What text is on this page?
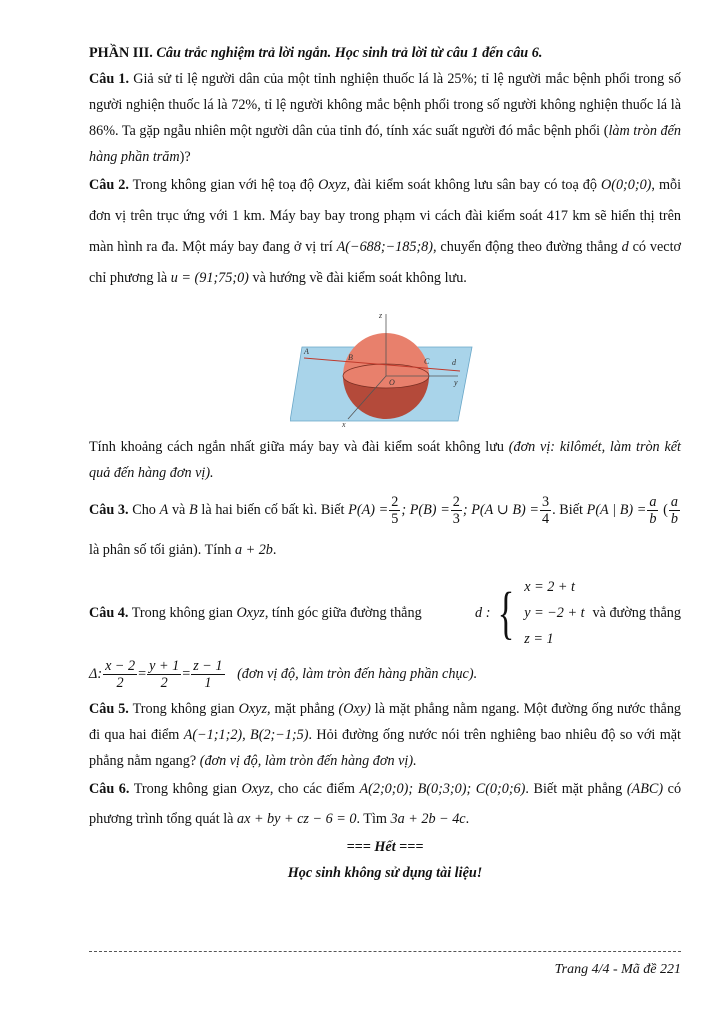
PHẦN III. Câu trắc nghiệm trả lời ngắn. Học sinh trả lời từ câu 1 đến câu 6.

Câu 1. Giả sử tỉ lệ người dân của một tỉnh nghiện thuốc lá là 25%; tỉ lệ người mắc bệnh phổi trong số người nghiện thuốc lá là 72%, tỉ lệ người không mắc bệnh phổi trong số người không nghiện thuốc lá là 86%. Ta gặp ngẫu nhiên một người dân của tỉnh đó, tính xác suất người đó mắc bệnh phổi (làm tròn đến hàng phần trăm)?

Câu 2. Trong không gian với hệ toạ độ Oxyz, đài kiểm soát không lưu sân bay có toạ độ O(0;0;0), mỗi đơn vị trên trục ứng với 1 km. Máy bay bay trong phạm vi cách đài kiểm soát 417 km sẽ hiển thị trên màn hình ra đa. Một máy bay đang ở vị trí A(−688;−185;8), chuyển động theo đường thẳng d có vectơ chỉ phương là u = (91;75;0) và hướng về đài kiểm soát không lưu.

Tính khoảng cách ngắn nhất giữa máy bay và đài kiểm soát không lưu (đơn vị: kilômét, làm tròn kết quả đến hàng đơn vị).

Câu 3. Cho A và B là hai biến cố bất kì. Biết $P(A) = \frac{2}{5}$ ; $P(B) = \frac{2}{3}$ ; P(A ∪ $B) = \frac{3}{4}$ . Biết P(A | $B) = \frac{a}{b}$ ( $\frac{a}{b}$
là phân số tối giản). Tính a + 2b.

Câu 4. Trong không gian Oxyz, tính góc giữa đường thẳng	d : { x = 2 + t
y = −2 + t
z = 1
và đường thẳng

Δ: $\frac{x - 2}{2} = \frac{y + 1}{2} = \frac{z - 1}{1}$ (đơn vị độ, làm tròn đến hàng phần chục).

Câu 5. Trong không gian Oxyz, mặt phẳng (Oxy) là mặt phẳng nằm ngang. Một đường ống nước thẳng đi qua hai điểm A(−1;1;2), B(2;−1;5). Hỏi đường ống nước nói trên nghiêng bao nhiêu độ so với mặt phẳng nằm ngang? (đơn vị độ, làm tròn đến hàng đơn vị).

Câu 6. Trong không gian Oxyz, cho các điểm A(2;0;0); B(0;3;0); C(0;0;6). Biết mặt phẳng (ABC) có phương trình tổng quát là ax + by + cz − 6 = 0. Tìm 3a + 2b − 4c.

=== Hết ===

Học sinh không sử dụng tài liệu!

z
y
x
O
A
B	C	d
Trang 4/4 - Mã đề 221
